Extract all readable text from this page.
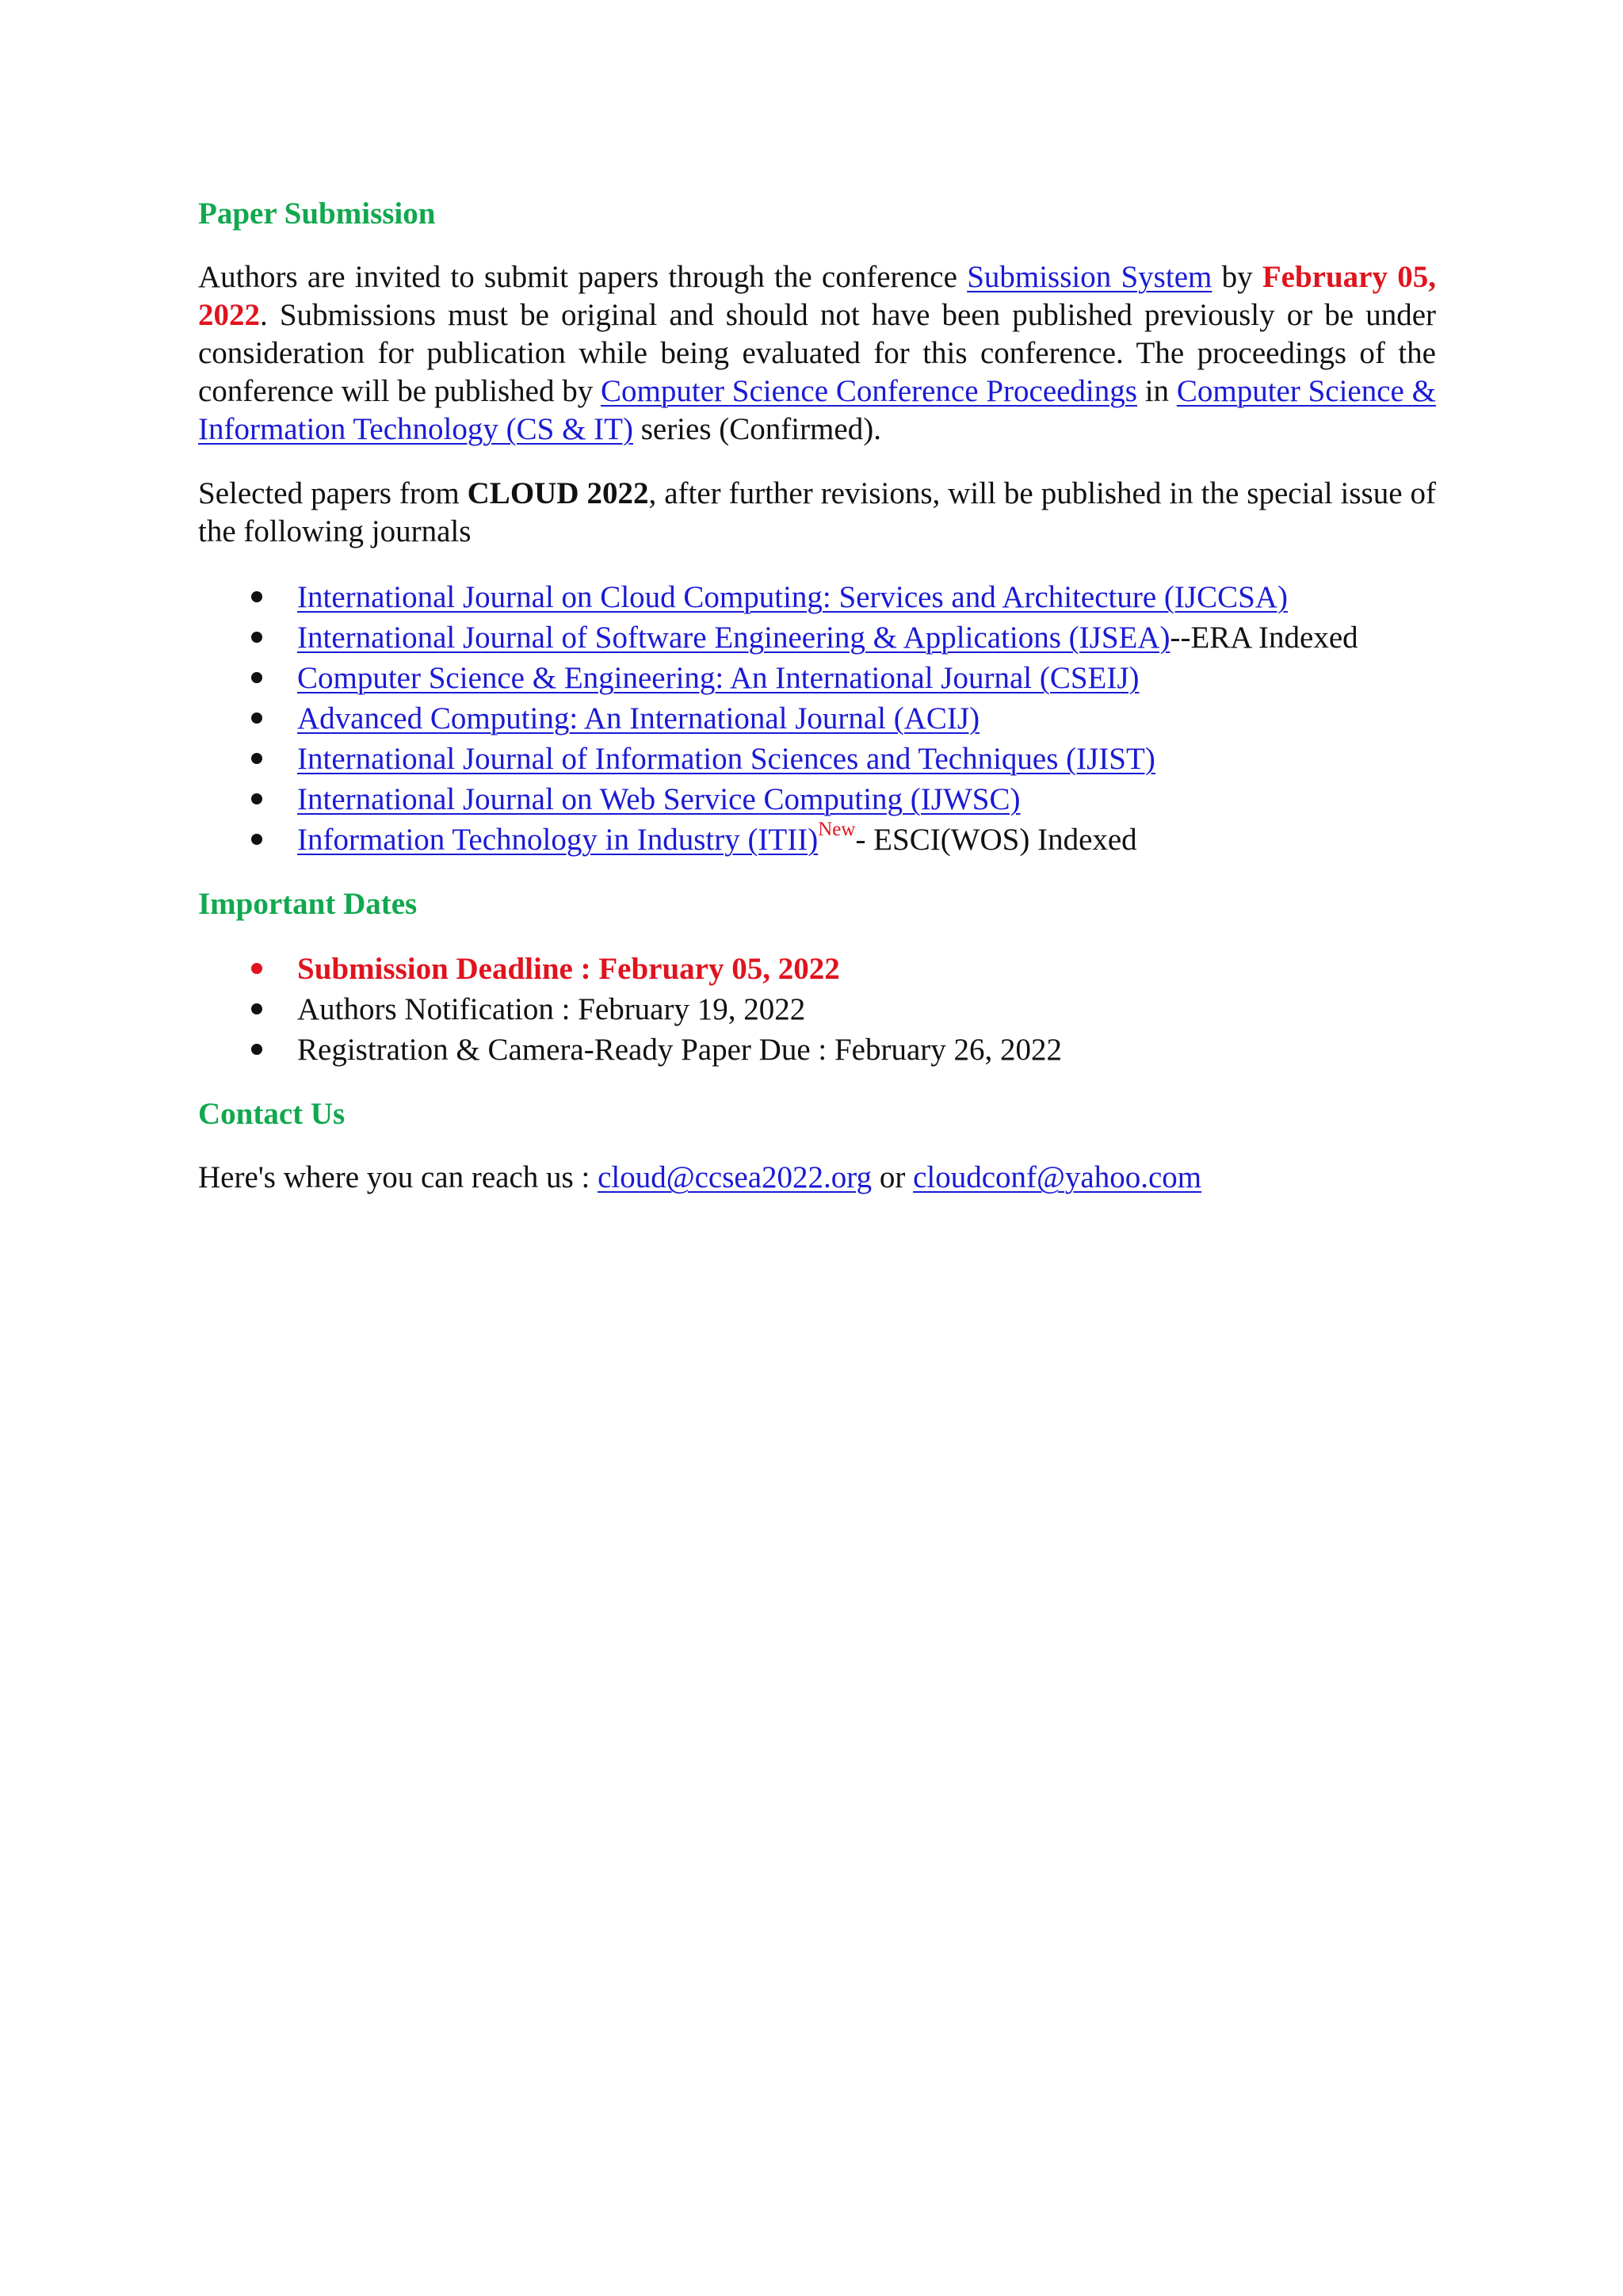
Paper Submission

Authors are invited to submit papers through the conference Submission System by February 05, 2022. Submissions must be original and should not have been published previously or be under consideration for publication while being evaluated for this conference. The proceedings of the conference will be published by Computer Science Conference Proceedings in Computer Science & Information Technology (CS & IT) series (Confirmed).

Selected papers from CLOUD 2022, after further revisions, will be published in the special issue of the following journals

International Journal on Cloud Computing: Services and Architecture (IJCCSA)
International Journal of Software Engineering & Applications (IJSEA)--ERA Indexed
Computer Science & Engineering: An International Journal (CSEIJ)
Advanced Computing: An International Journal (ACIJ)
International Journal of Information Sciences and Techniques (IJIST)
International Journal on Web Service Computing (IJWSC)
Information Technology in Industry (ITII)$^{New}$- ESCI(WOS) Indexed
Important Dates
Submission Deadline : February 05, 2022
Authors Notification : February 19, 2022
Registration & Camera-Ready Paper Due : February 26, 2022
Contact Us

Here's where you can reach us : cloud@ccsea2022.org or cloudconf@yahoo.com
